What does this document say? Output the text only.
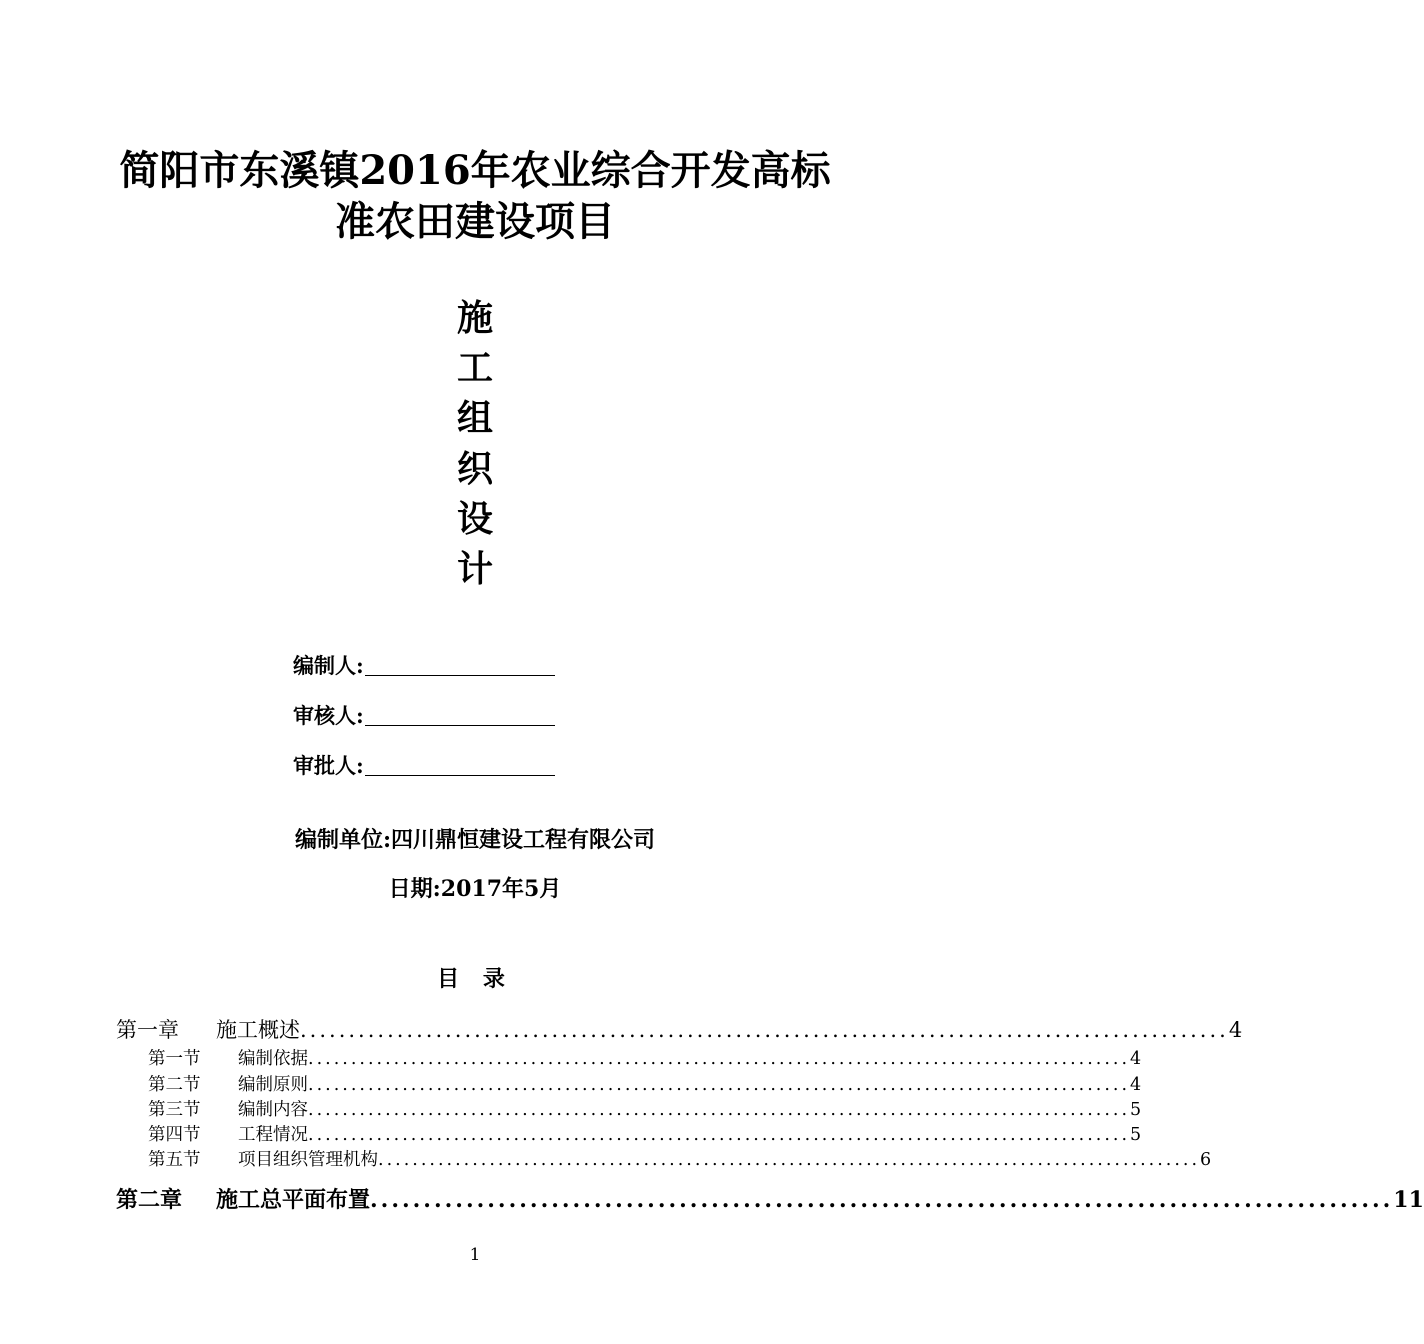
简阳市东溪镇2016年农业综合开发高标
准农田建设项目
施
工
组
织
设
计
编制人:
审核人:
审批人:
编制单位:四川鼎恒建设工程有限公司
日期:2017年5月
目 录
第一章	施工概述 ................................................................................................ 4
第一节	编制依据 ................................................................................................ 4
第二节	编制原则 ................................................................................................ 4
第三节	编制内容 ................................................................................................ 5
第四节	工程情况 ................................................................................................ 5
第五节	项目组织管理机构 ................................................................................................ 6
第二章	施工总平面布置 ................................................................................................ 11
1
